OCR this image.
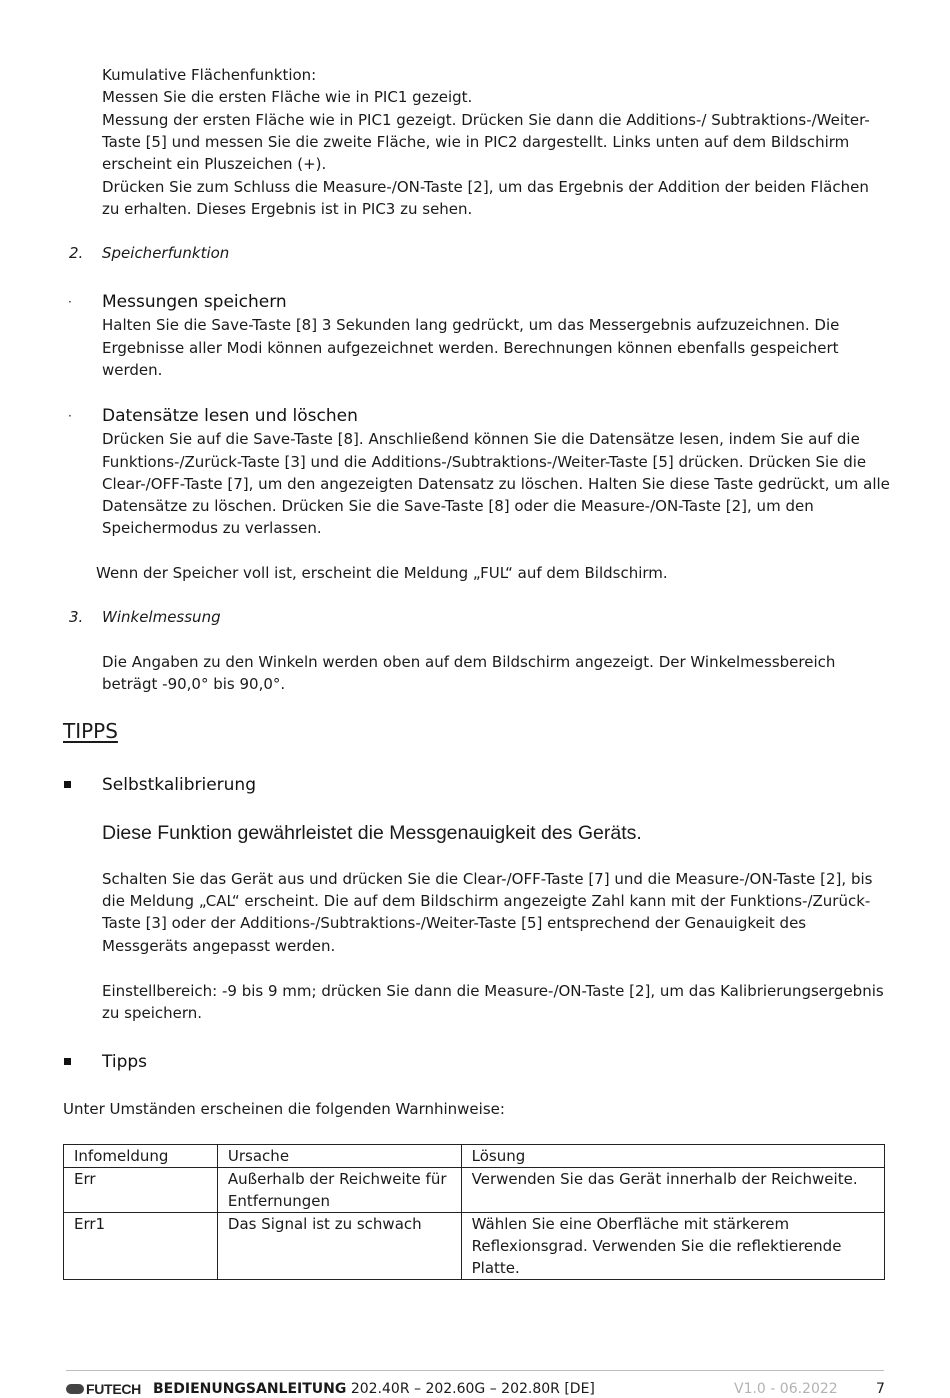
Kumulative Flächenfunktion:
Messen Sie die ersten Fläche wie in PIC1 gezeigt.
Messung der ersten Fläche wie in PIC1 gezeigt. Drücken Sie dann die Additions-/ Subtraktions-/Weiter-
Taste [5] und messen Sie die zweite Fläche, wie in PIC2 dargestellt. Links unten auf dem Bildschirm
erscheint ein Pluszeichen (+).
Drücken Sie zum Schluss die Measure-/ON-Taste [2], um das Ergebnis der Addition der beiden Flächen
zu erhalten. Dieses Ergebnis ist in PIC3 zu sehen.
2. Speicherfunktion
· Messungen speichern
Halten Sie die Save-Taste [8] 3 Sekunden lang gedrückt, um das Messergebnis aufzuzeichnen. Die
Ergebnisse aller Modi können aufgezeichnet werden. Berechnungen können ebenfalls gespeichert
werden.
· Datensätze lesen und löschen
Drücken Sie auf die Save-Taste [8]. Anschließend können Sie die Datensätze lesen, indem Sie auf die
Funktions-/Zurück-Taste [3] und die Additions-/Subtraktions-/Weiter-Taste [5] drücken. Drücken Sie die
Clear-/OFF-Taste [7], um den angezeigten Datensatz zu löschen. Halten Sie diese Taste gedrückt, um alle
Datensätze zu löschen. Drücken Sie die Save-Taste [8] oder die Measure-/ON-Taste [2], um den
Speichermodus zu verlassen.
Wenn der Speicher voll ist, erscheint die Meldung „FUL“ auf dem Bildschirm.
3. Winkelmessung
Die Angaben zu den Winkeln werden oben auf dem Bildschirm angezeigt. Der Winkelmessbereich
beträgt -90,0° bis 90,0°.
TIPPS
Selbstkalibrierung
Diese Funktion gewährleistet die Messgenauigkeit des Geräts.
Schalten Sie das Gerät aus und drücken Sie die Clear-/OFF-Taste [7] und die Measure-/ON-Taste [2], bis
die Meldung „CAL“ erscheint. Die auf dem Bildschirm angezeigte Zahl kann mit der Funktions-/Zurück-
Taste [3] oder der Additions-/Subtraktions-/Weiter-Taste [5] entsprechend der Genauigkeit des
Messgeräts angepasst werden.
Einstellbereich: -9 bis 9 mm; drücken Sie dann die Measure-/ON-Taste [2], um das Kalibrierungsergebnis
zu speichern.
Tipps
Unter Umständen erscheinen die folgenden Warnhinweise:
Infomeldung	Ursache	Lösung
Err	Außerhalb der Reichweite für Entfernungen	Verwenden Sie das Gerät innerhalb der Reichweite.
Err1	Das Signal ist zu schwach	Wählen Sie eine Oberfläche mit stärkerem Reflexionsgrad. Verwenden Sie die reflektierende Platte.
FUTECH BEDIENUNGSANLEITUNG 202.40R – 202.60G – 202.80R [DE]	V1.0 - 06.2022	7
